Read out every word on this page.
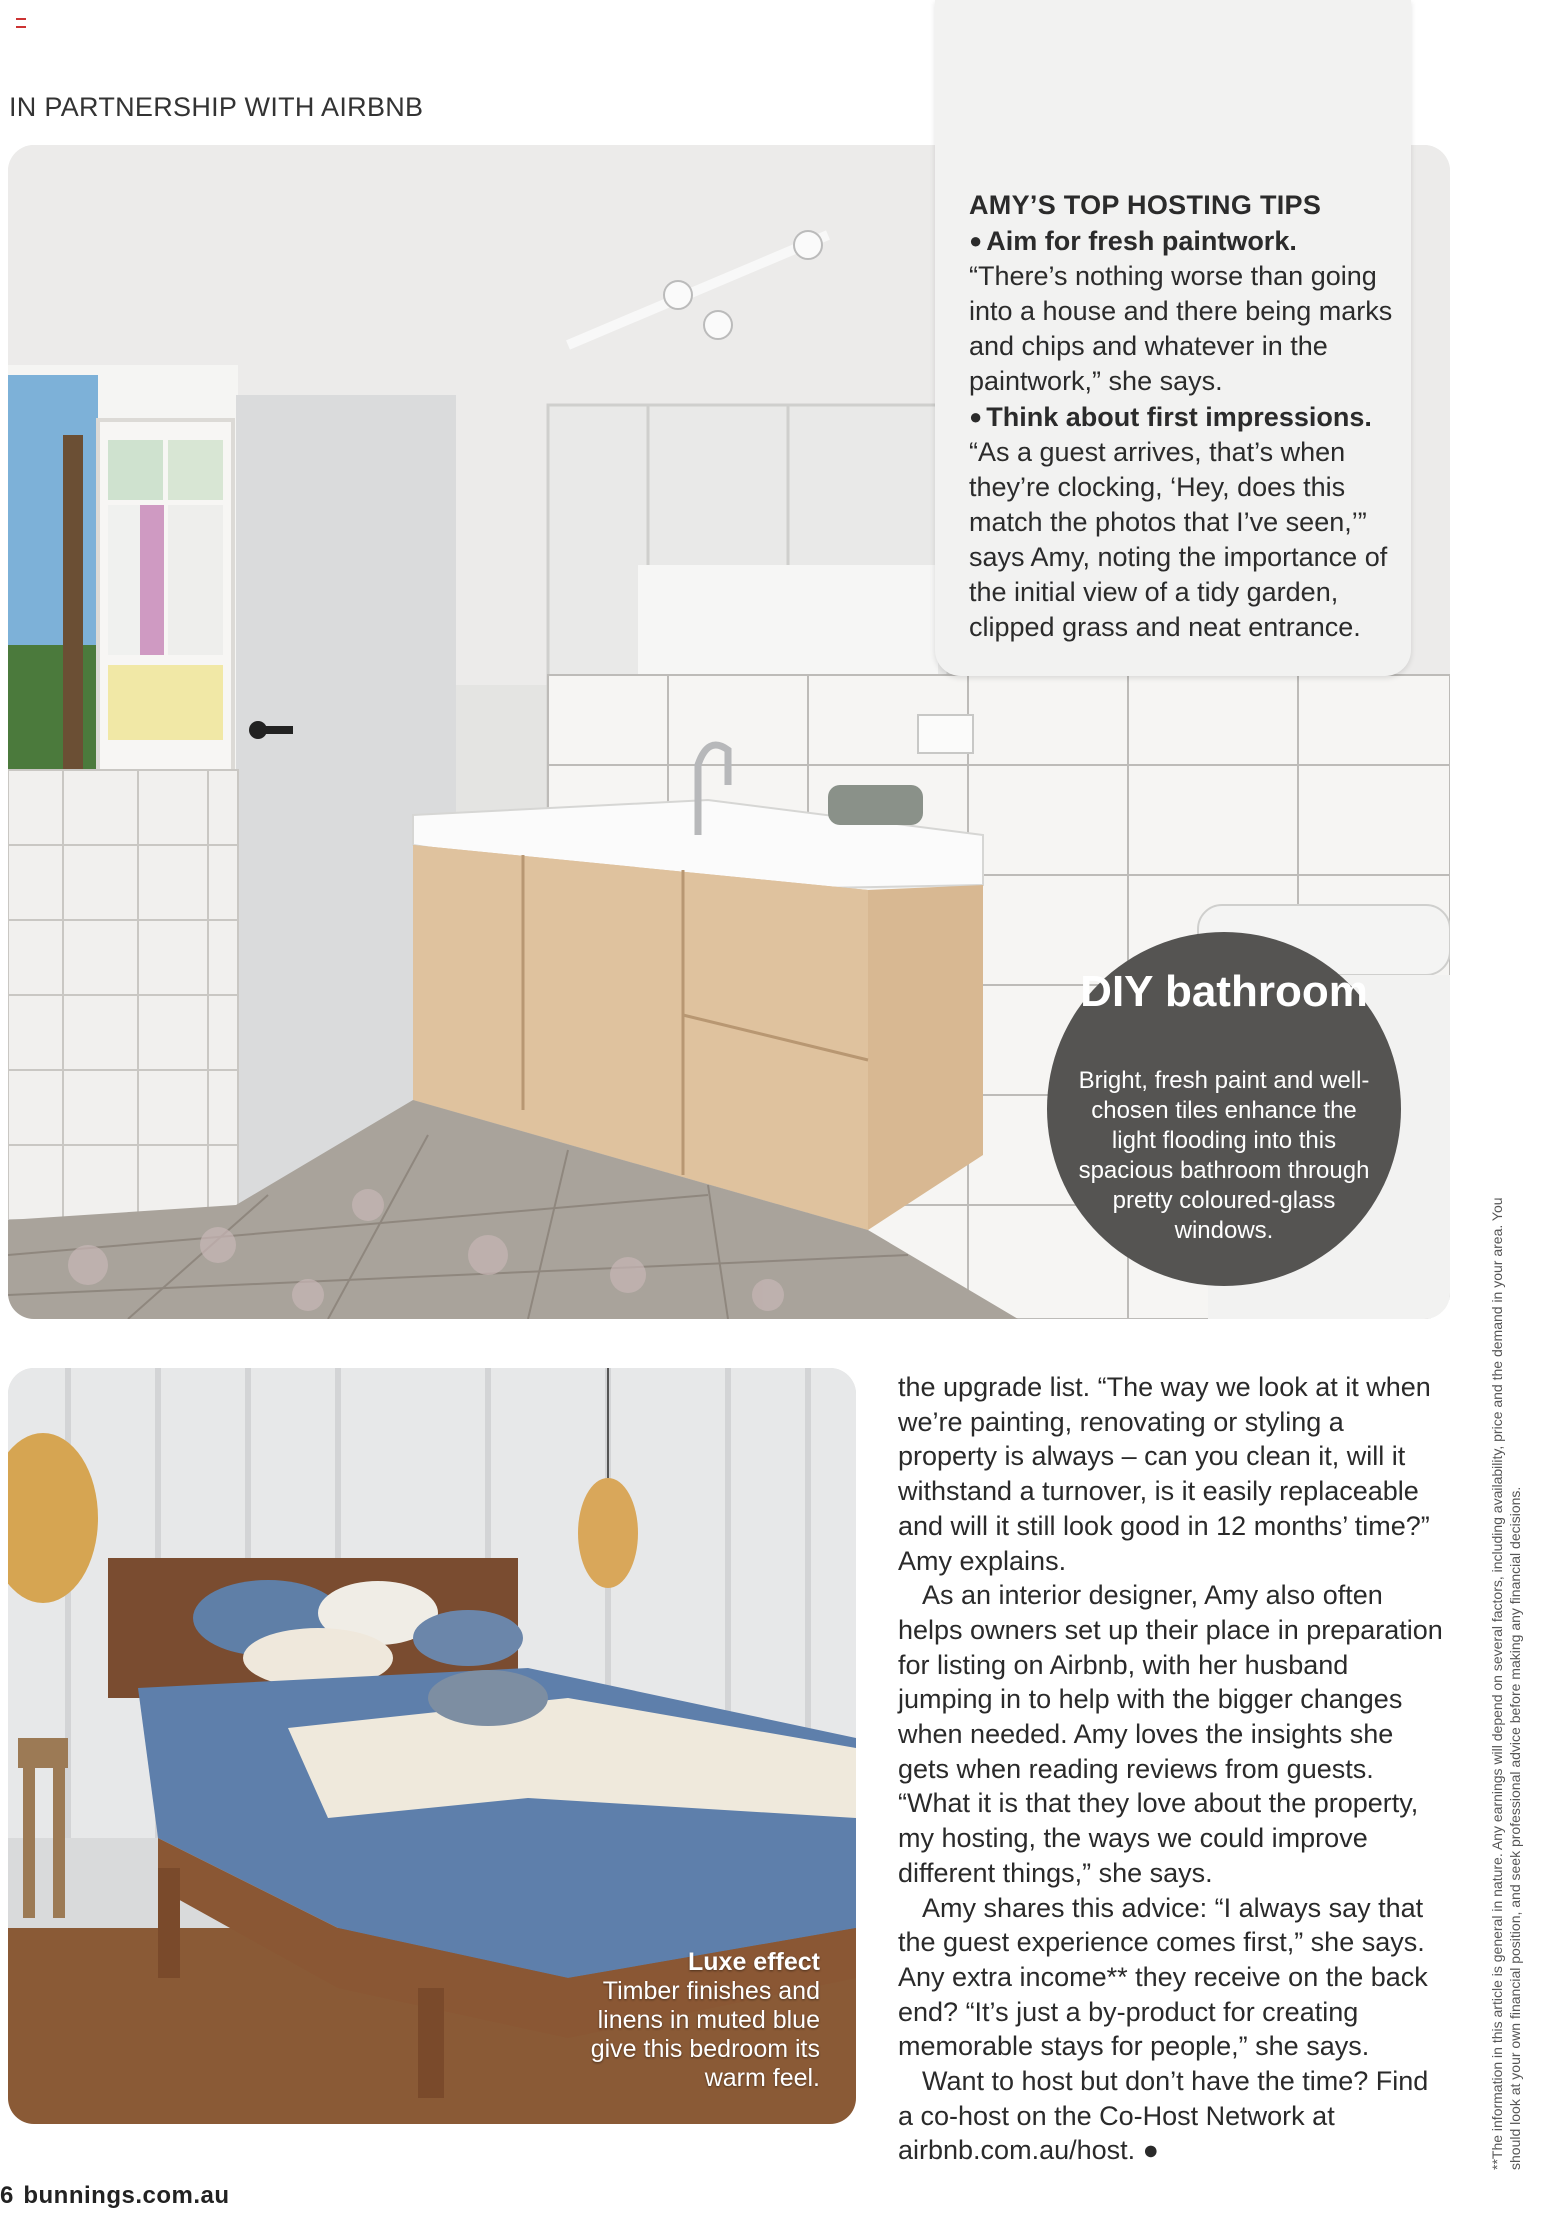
IN PARTNERSHIP WITH AIRBNB
AMY’S TOP HOSTING TIPS
● Aim for fresh paintwork.
“There’s nothing worse than going into a house and there being marks and chips and whatever in the paintwork,” she says.
● Think about first impressions.
“As a guest arrives, that’s when they’re clocking, ‘Hey, does this match the photos that I’ve seen,’” says Amy, noting the importance of the initial view of a tidy garden, clipped grass and neat entrance.
DIY bathroom
Bright, fresh paint and well-chosen tiles enhance the light flooding into this spacious bathroom through pretty coloured-glass windows.
Luxe effect
Timber finishes and linens in muted blue give this bedroom its warm feel.

the upgrade list. “The way we look at it when we’re painting, renovating or styling a property is always – can you clean it, will it withstand a turnover, is it easily replaceable and will it still look good in 12 months’ time?” Amy explains.

As an interior designer, Amy also often helps owners set up their place in preparation for listing on Airbnb, with her husband jumping in to help with the bigger changes when needed. Amy loves the insights she gets when reading reviews from guests. “What it is that they love about the property, my hosting, the ways we could improve different things,” she says.

Amy shares this advice: “I always say that the guest experience comes first,” she says. Any extra income** they receive on the back end? “It’s just a by-product for creating memorable stays for people,” she says.

Want to host but don’t have the time? Find a co-host on the Co-Host Network at airbnb.com.au/host. ●	**The information in this article is general in nature. Any earnings will depend on several factors, including availability, price and the demand in your area. You should look at your own financial position, and seek professional advice before making any financial decisions.
6 bunnings.com.au
